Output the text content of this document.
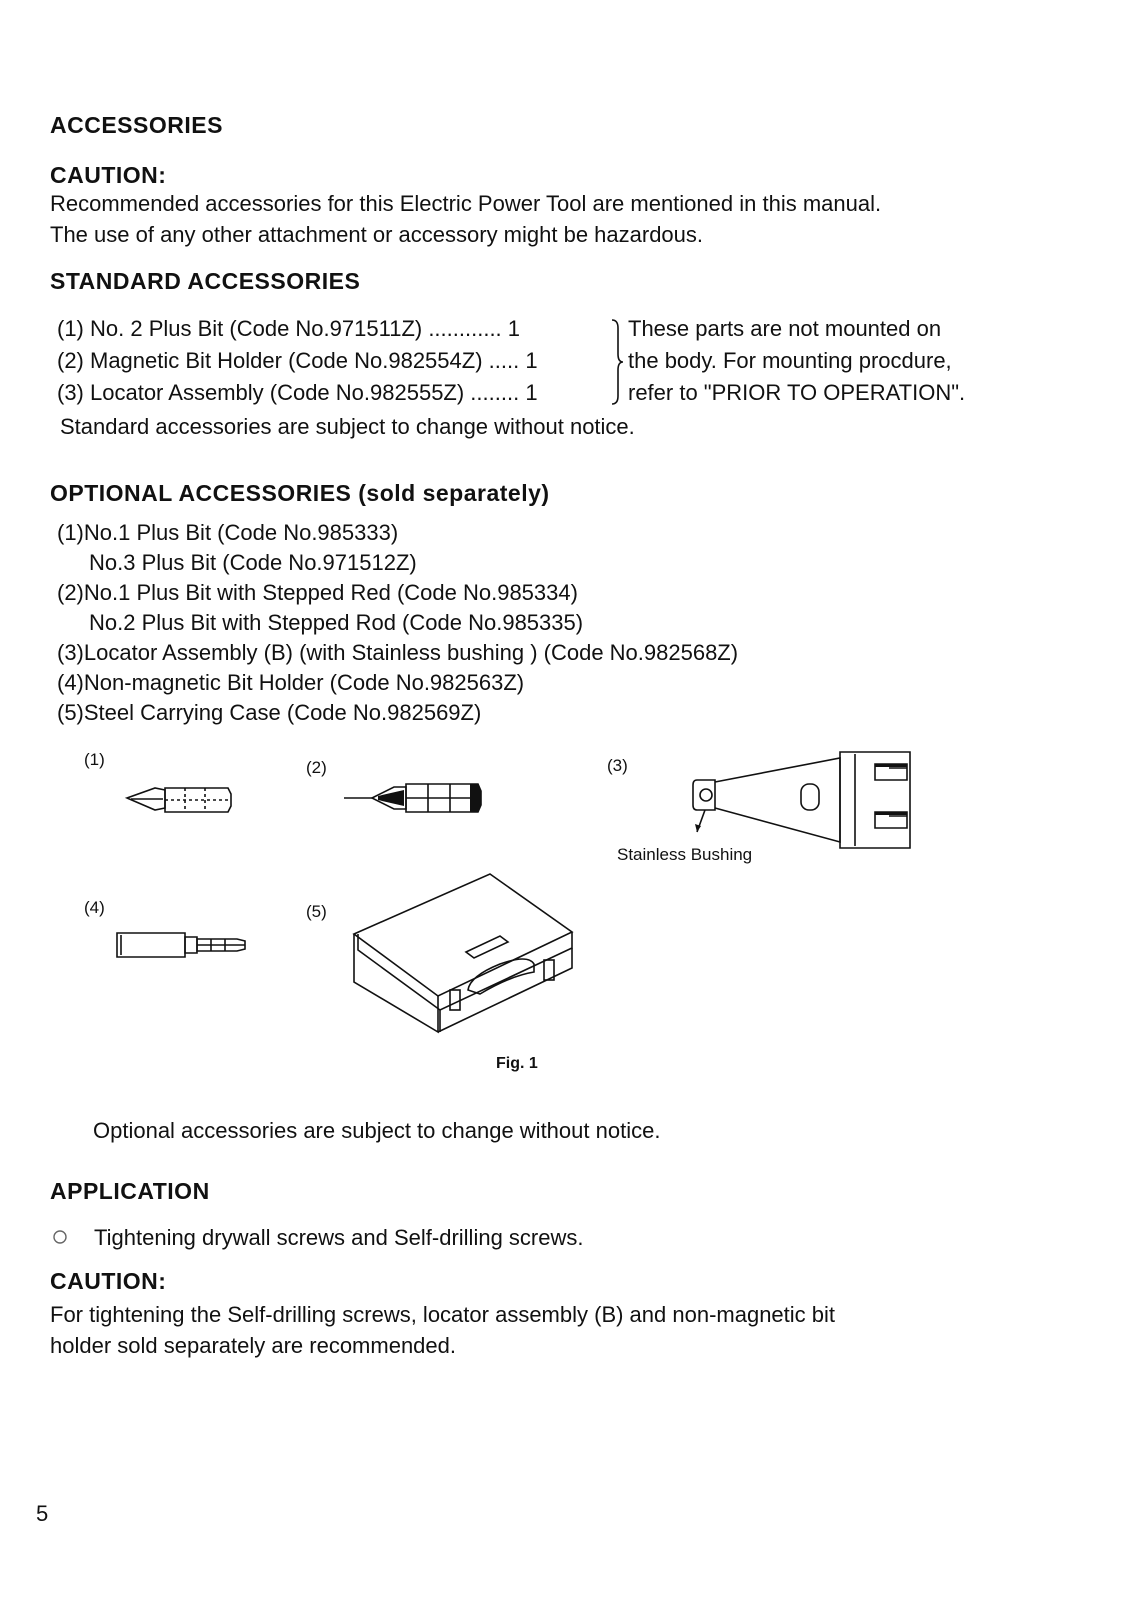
ACCESSORIES
CAUTION:
Recommended accessories for this Electric Power Tool are mentioned in this manual.
The use of any other attachment or accessory might be hazardous.
STANDARD ACCESSORIES
(1) No. 2 Plus Bit (Code No.971511Z) ............ 1
(2) Magnetic Bit Holder (Code No.982554Z) ..... 1
(3) Locator Assembly (Code No.982555Z) ........ 1
These parts are not mounted on
the body. For mounting procdure,
refer to "PRIOR TO OPERATION".
Standard accessories are subject to change without notice.
OPTIONAL ACCESSORIES (sold separately)
(1)No.1 Plus Bit (Code No.985333)
No.3 Plus Bit (Code No.971512Z)
(2)No.1 Plus Bit with Stepped Red (Code No.985334)
No.2 Plus Bit with Stepped Rod (Code No.985335)
(3)Locator Assembly (B) (with Stainless bushing ) (Code No.982568Z)
(4)Non-magnetic Bit Holder (Code No.982563Z)
(5)Steel Carrying Case (Code No.982569Z)
(1)	(2)	(3)
(4)	(5)
Stainless Bushing
Fig. 1
Optional accessories are subject to change without notice.
APPLICATION
Tightening drywall screws and Self-drilling screws.
CAUTION:
For tightening the Self-drilling screws, locator assembly (B) and non-magnetic bit
holder sold separately are recommended.
5
